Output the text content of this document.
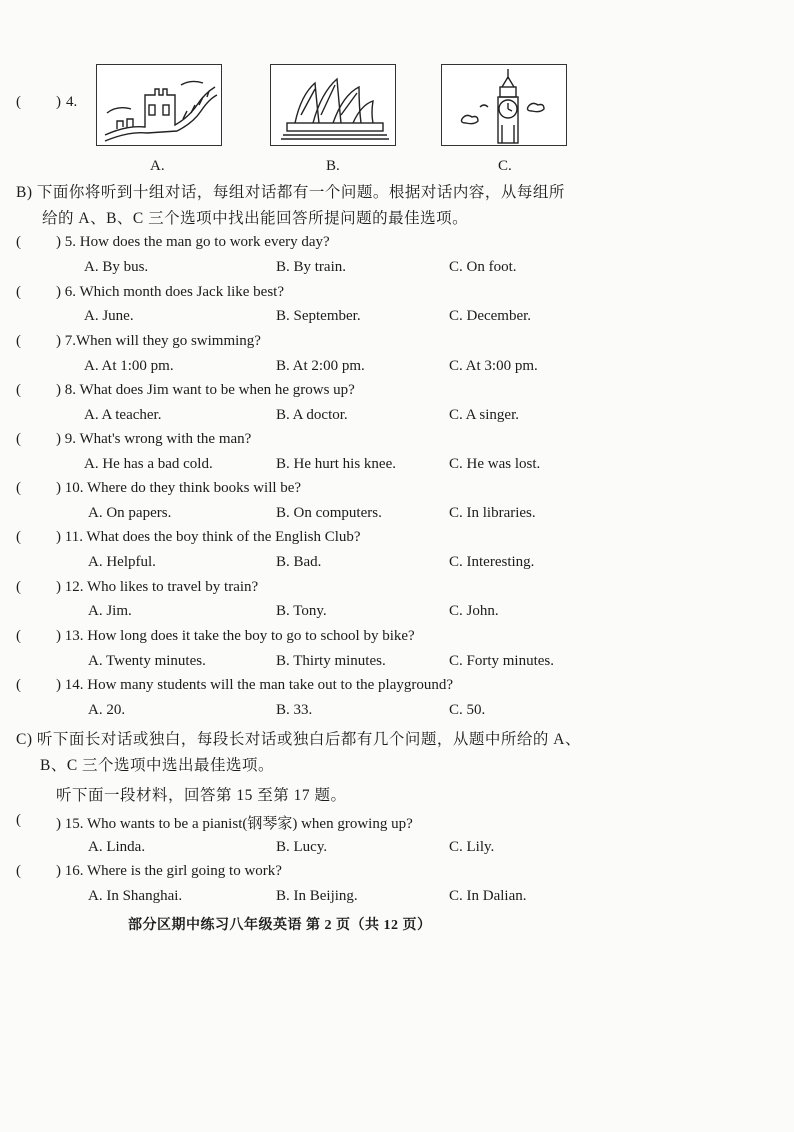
( ) 4.
A.	B.	C.
B) 下面你将听到十组对话，每组对话都有一个问题。根据对话内容，从每组所
给的 A、B、C 三个选项中找出能回答所提问题的最佳选项。
( ) 5. How does the man go to work every day?
A. By bus.	B. By train.	C. On foot.
( ) 6. Which month does Jack like best?
A. June.	B. September.	C. December.
( ) 7.When will they go swimming?
A. At 1:00 pm.	B. At 2:00 pm.	C. At 3:00 pm.
( ) 8. What does Jim want to be when he grows up?
A. A teacher.	B. A doctor.	C. A singer.
( ) 9. What's wrong with the man?
A. He has a bad cold.	B. He hurt his knee.	C. He was lost.
( ) 10. Where do they think books will be?
A. On papers.	B. On computers.	C. In libraries.
( ) 11. What does the boy think of the English Club?
A. Helpful.	B. Bad.	C. Interesting.
( ) 12. Who likes to travel by train?
A. Jim.	B. Tony.	C. John.
( ) 13. How long does it take the boy to go to school by bike?
A. Twenty minutes.	B. Thirty minutes.	C. Forty minutes.
( ) 14. How many students will the man take out to the playground?
A. 20.	B. 33.	C. 50.
C) 听下面长对话或独白，每段长对话或独白后都有几个问题，从题中所给的 A、
B、C 三个选项中选出最佳选项。
听下面一段材料，回答第 15 至第 17 题。
( ) 15. Who wants to be a pianist(钢琴家) when growing up?
A. Linda.	B. Lucy.	C. Lily.
( ) 16. Where is the girl going to work?
A. In Shanghai.	B. In Beijing.	C. In Dalian.
部分区期中练习八年级英语 第 2 页（共 12 页）
